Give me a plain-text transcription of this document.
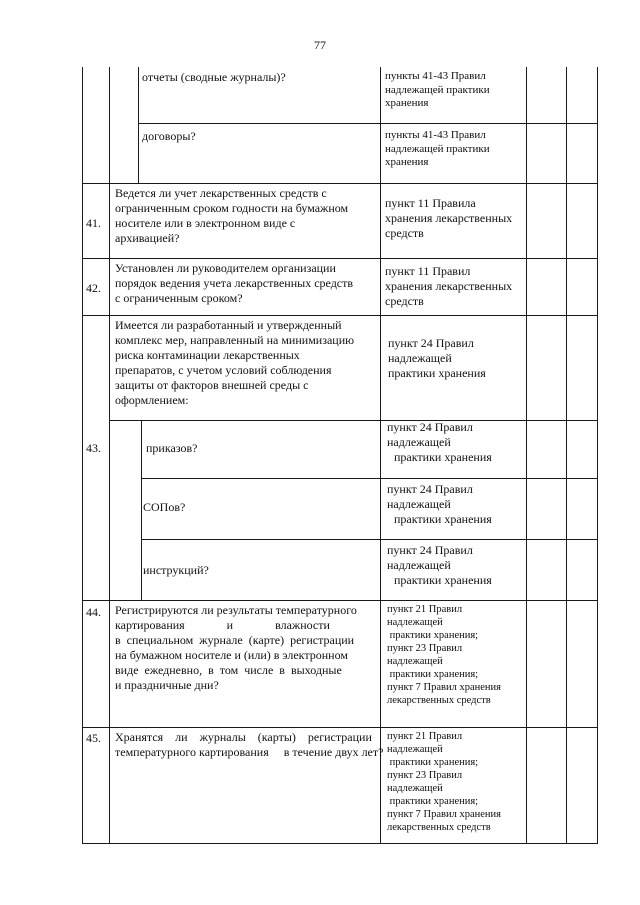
77

отчеты (сводные журналы)?	пункты 41-43 Правил
надлежащей практики
хранения

договоры?	пункты 41-43 Правил
надлежащей практики
хранения
41.
Ведется ли учет лекарственных средств с
ограниченным сроком годности на бумажном
носителе или в электронном виде с
архивацией?
пункт 11 Правила
хранения лекарственных
средств
42.
Установлен ли руководителем организации
порядок ведения учета лекарственных средств
с ограниченным сроком?
пункт 11 Правил
хранения лекарственных
средств
43.
Имеется ли разработанный и утвержденный
комплекс мер, направленный на минимизацию
риска контаминации лекарственных
препаратов, с учетом условий соблюдения
защиты от факторов внешней среды с
оформлением:
пункт 24 Правил
надлежащей
практики хранения

приказов?

пункт 24 Правил
надлежащей
практики хранения

СОПов?

пункт 24 Правил
надлежащей
практики хранения

инструкций?

пункт 24 Правил
надлежащей
практики хранения
44. Регистрируются ли результаты температурного
картирования              и              влажности
в  специальном  журнале  (карте)  регистрации
на бумажном носителе и (или) в электронном
виде  ежедневно,  в  том  числе  в  выходные
и праздничные дни?
пункт 21 Правил
надлежащей
практики хранения;
пункт 23 Правил
надлежащей
практики хранения;
пункт 7 Правил хранения
лекарственных средств
45. Хранятся    ли    журналы    (карты)    регистрации
температурного картирования     в течение двух лет?
пункт 21 Правил
надлежащей
практики хранения;
пункт 23 Правил
надлежащей
практики хранения;
пункт 7 Правил хранения
лекарственных средств
